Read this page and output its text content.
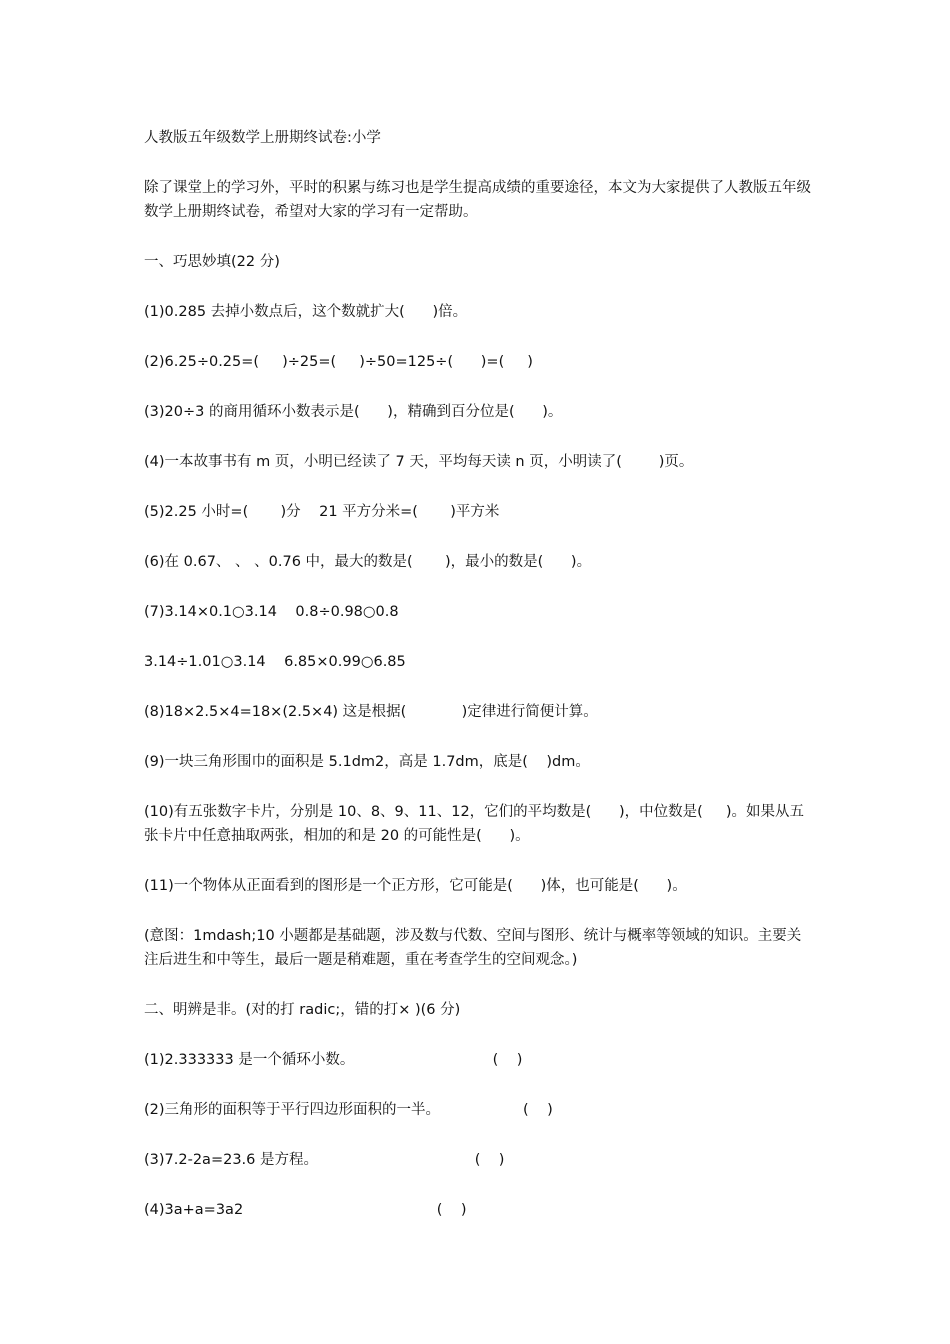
人教版五年级数学上册期终试卷:小学

除了课堂上的学习外，平时的积累与练习也是学生提高成绩的重要途径，本文为大家提供了人教版五年级数学上册期终试卷，希望对大家的学习有一定帮助。

一、巧思妙填(22 分)

(1)0.285 去掉小数点后，这个数就扩大(      )倍。

(2)6.25÷0.25=(     )÷25=(     )÷50=125÷(      )=(     )

(3)20÷3 的商用循环小数表示是(      )，精确到百分位是(      )。

(4)一本故事书有 m 页，小明已经读了 7 天，平均每天读 n 页，小明读了(        )页。

(5)2.25 小时=(       )分    21 平方分米=(       )平方米

(6)在 0.67、 、 、0.76 中，最大的数是(       )，最小的数是(      )。

(7)3.14×0.1○3.14    0.8÷0.98○0.8

3.14÷1.01○3.14    6.85×0.99○6.85

(8)18×2.5×4=18×(2.5×4) 这是根据(            )定律进行简便计算。

(9)一块三角形围巾的面积是 5.1dm2，高是 1.7dm，底是(    )dm。

(10)有五张数字卡片，分别是 10、8、9、11、12，它们的平均数是(      )，中位数是(     )。如果从五张卡片中任意抽取两张，相加的和是 20 的可能性是(      )。

(11)一个物体从正面看到的图形是一个正方形，它可能是(      )体，也可能是(      )。

(意图：1mdash;10 小题都是基础题，涉及数与代数、空间与图形、统计与概率等领域的知识。主要关注后进生和中等生，最后一题是稍难题，重在考查学生的空间观念。)

二、明辨是非。(对的打 radic;，错的打× )(6 分)

(1)2.333333 是一个循环小数。                              (    )

(2)三角形的面积等于平行四边形面积的一半。                  (    )

(3)7.2-2a=23.6 是方程。                                  (    )

(4)3a+a=3a2                                          (    )
